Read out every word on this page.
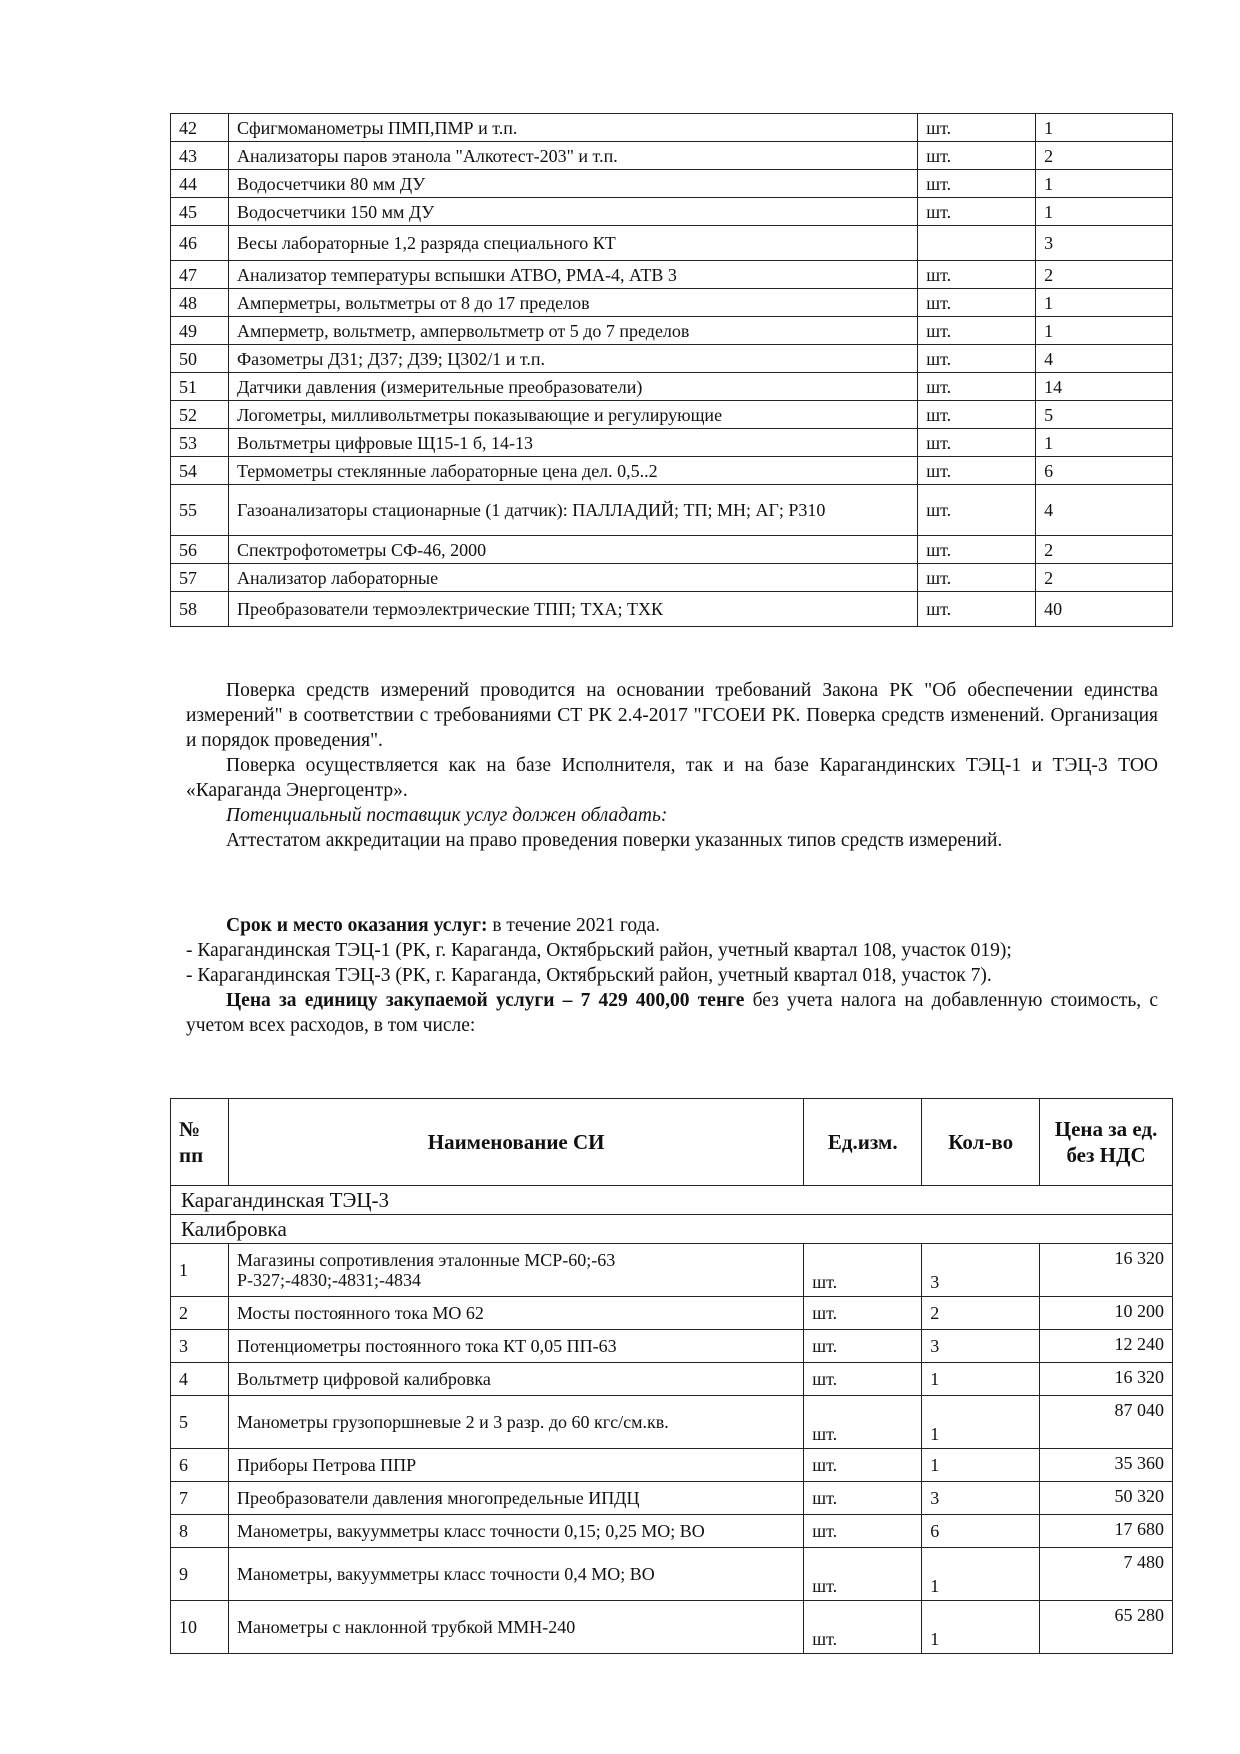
42	Сфигмоманометры ПМП,ПМР и т.п.	шт.	1
43	Анализаторы паров этанола "Алкотест-203" и т.п.	шт.	2
44	Водосчетчики 80 мм ДУ	шт.	1
45	Водосчетчики 150 мм ДУ	шт.	1
46	Весы лабораторные 1,2 разряда специального КТ		3
47	Анализатор температуры вспышки АТВО, РМА-4, АТВ 3	шт.	2
48	Амперметры, вольтметры от 8 до 17 пределов	шт.	1
49	Амперметр, вольтметр, ампервольтметр от 5 до 7 пределов	шт.	1
50	Фазометры Д31; Д37; Д39; Ц302/1 и т.п.	шт.	4
51	Датчики давления (измерительные преобразователи)	шт.	14
52	Логометры, милливольтметры показывающие и регулирующие	шт.	5
53	Вольтметры цифровые Щ15-1 б, 14-13	шт.	1
54	Термометры стеклянные лабораторные цена дел. 0,5..2	шт.	6
55	Газоанализаторы стационарные (1 датчик): ПАЛЛАДИЙ; ТП; МН; АГ; Р310	шт.	4
56	Спектрофотометры СФ-46, 2000	шт.	2
57	Анализатор лабораторные	шт.	2
58	Преобразователи термоэлектрические ТПП; ТХА; ТХК	шт.	40

Поверка средств измерений проводится на основании требований Закона РК "Об обеспечении единства измерений" в соответствии с требованиями СТ РК 2.4-2017 "ГСОЕИ РК. Поверка средств изменений. Организация и порядок проведения".

Поверка осуществляется как на базе Исполнителя, так и на базе Карагандинских ТЭЦ-1 и ТЭЦ-3 ТОО «Караганда Энергоцентр».

Потенциальный поставщик услуг должен обладать:

Аттестатом аккредитации на право проведения поверки указанных типов средств измерений.

Срок и место оказания услуг: в течение 2021 года.

- Карагандинская ТЭЦ-1 (РК, г. Караганда, Октябрьский район, учетный квартал 108, участок 019);

- Карагандинская ТЭЦ-3 (РК, г. Караганда, Октябрьский район, учетный квартал 018, участок 7).

Цена за единицу закупаемой услуги – 7 429 400,00 тенге без учета налога на добавленную стоимость, с учетом всех расходов, в том числе:

№ пп	Наименование СИ	Ед.изм.	Кол-во	Цена за ед. без НДС
Карагандинская ТЭЦ-3				
Калибровка				
1	Магазины сопротивления эталонные МСР-60;-63 Р-327;-4830;-4831;-4834	шт.	3	16 320
2	Мосты постоянного тока МО 62	шт.	2	10 200
3	Потенциометры постоянного тока КТ 0,05 ПП-63	шт.	3	12 240
4	Вольтметр цифровой калибровка	шт.	1	16 320
5	Манометры грузопоршневые 2 и 3 разр. до 60 кгс/см.кв.	шт.	1	87 040
6	Приборы Петрова ППР	шт.	1	35 360
7	Преобразователи давления многопредельные ИПДЦ	шт.	3	50 320
8	Манометры, вакуумметры класс точности 0,15; 0,25 МО; ВО	шт.	6	17 680
9	Манометры, вакуумметры класс точности 0,4 МО; ВО	шт.	1	7 480
10	Манометры с наклонной трубкой ММН-240	шт.	1	65 280
